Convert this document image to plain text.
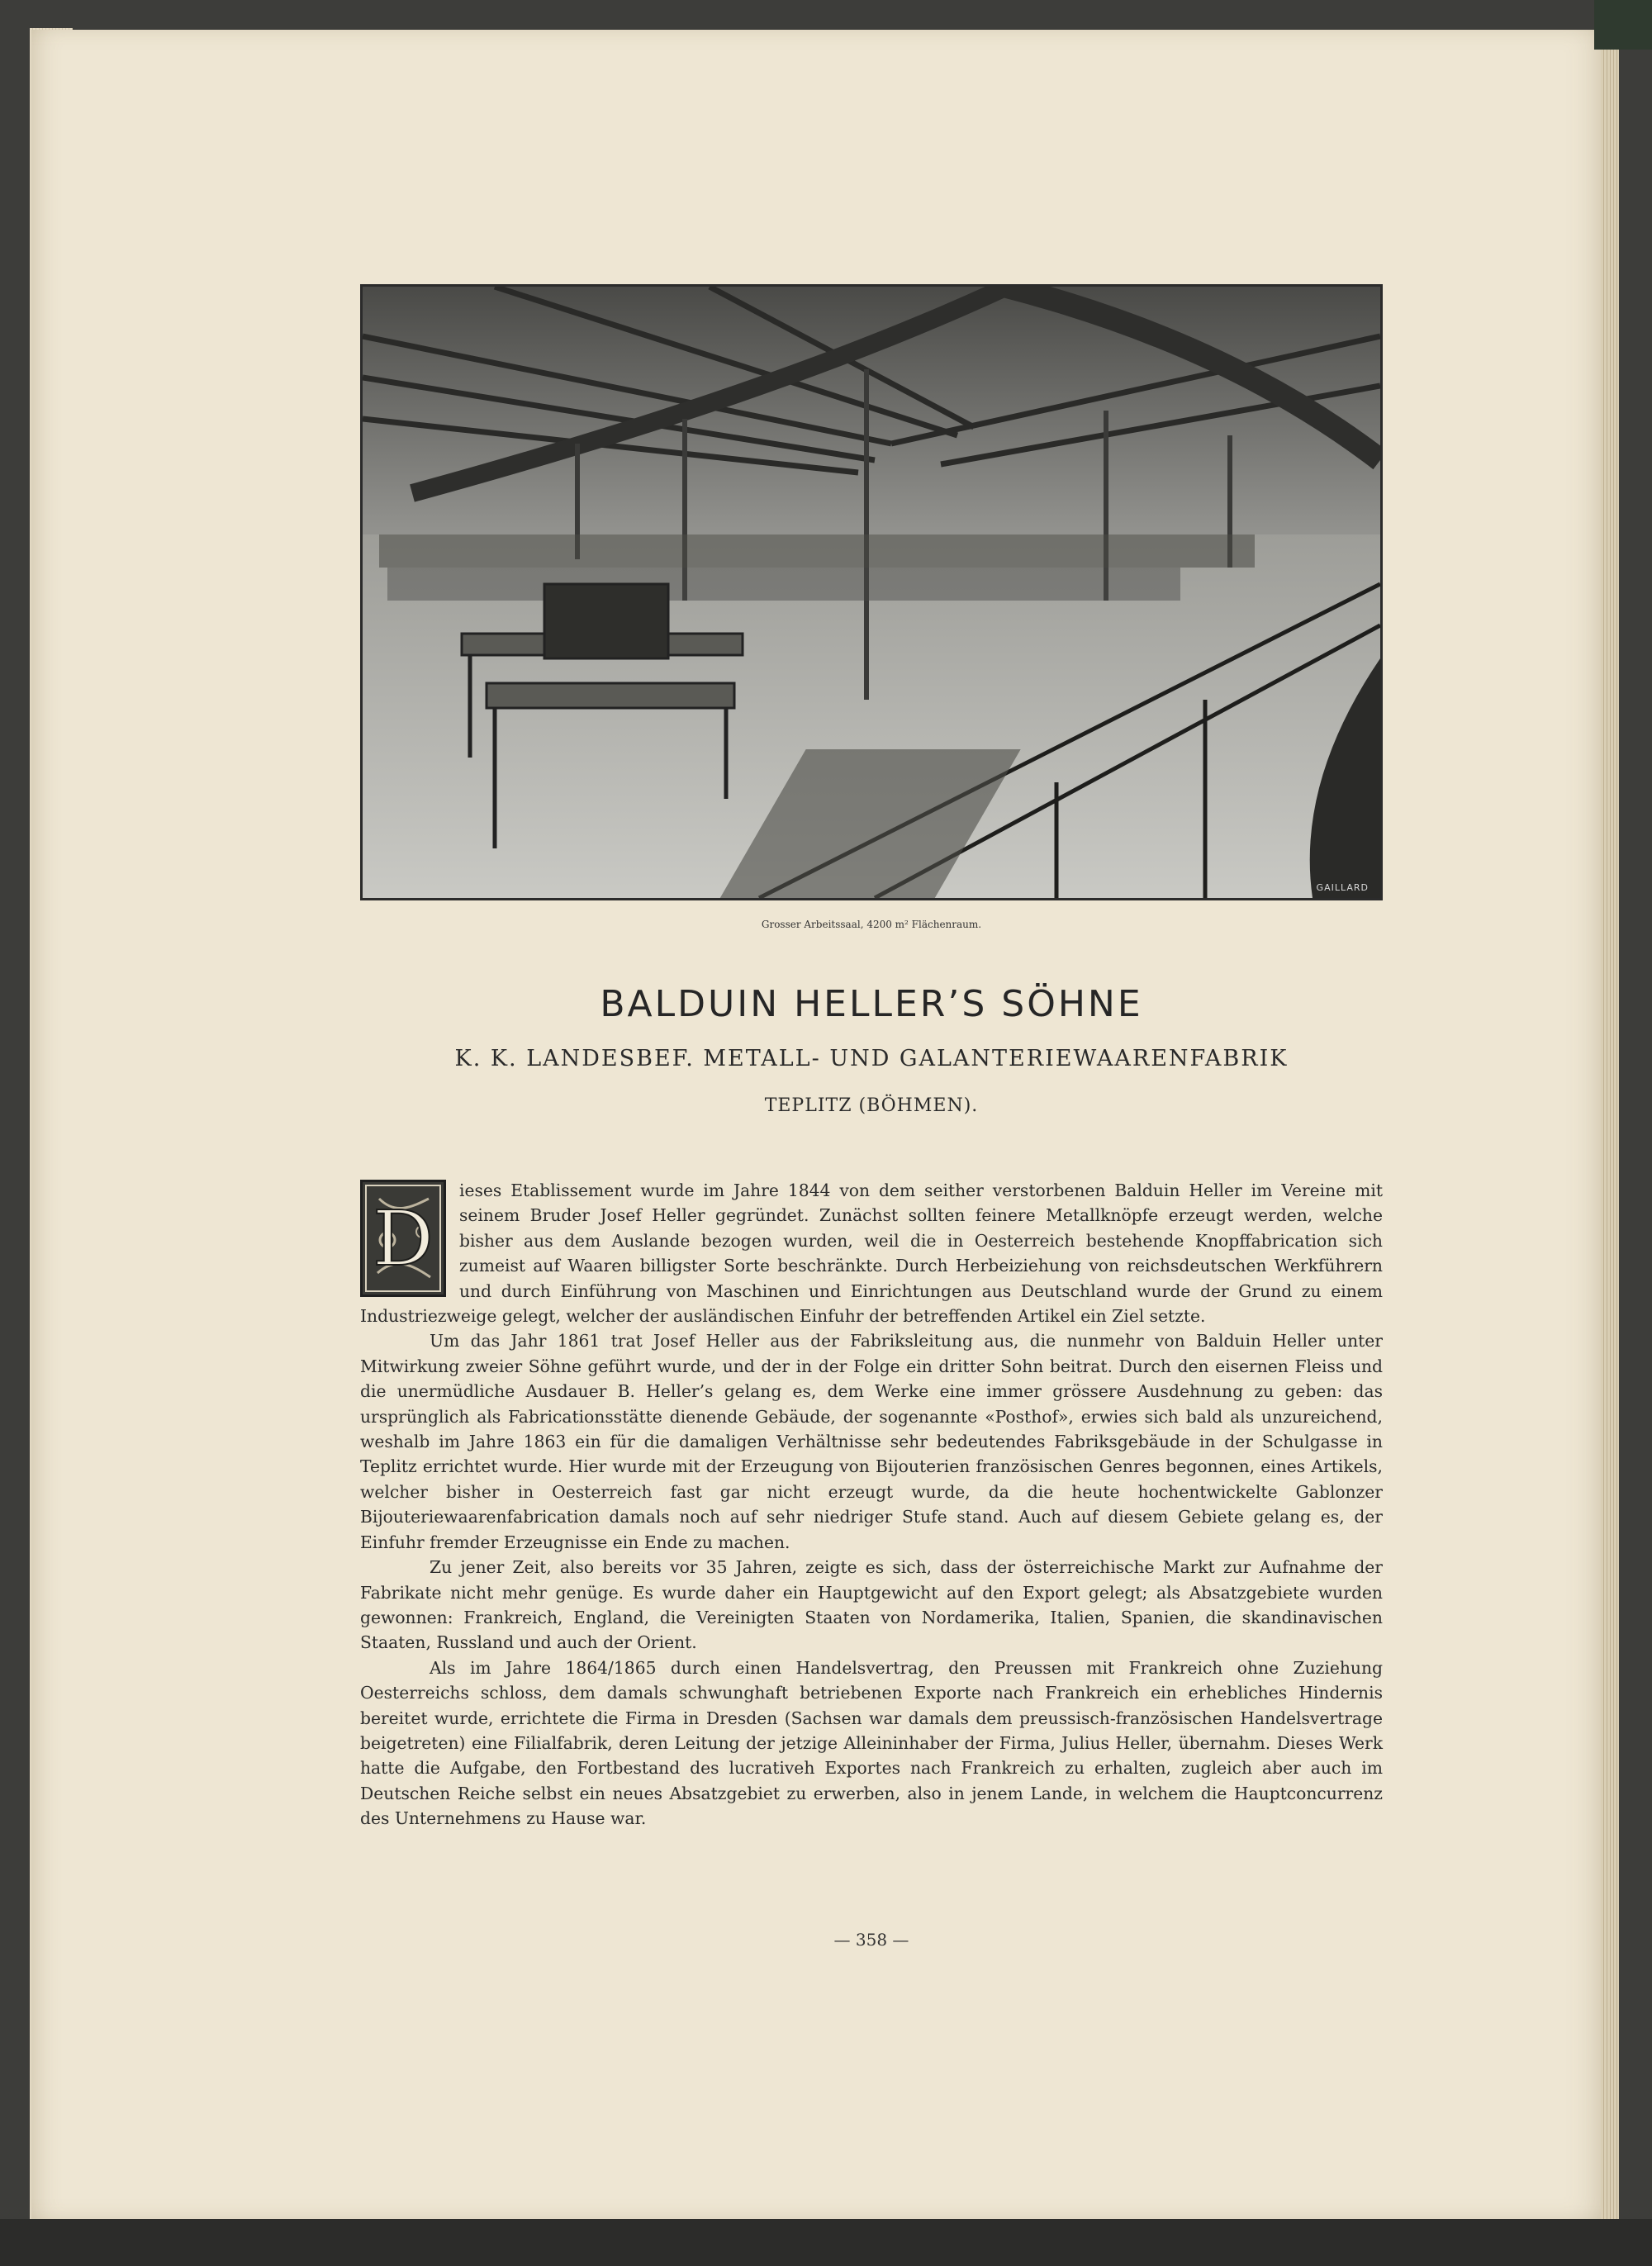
GAILLARD
Grosser Arbeitssaal, 4200 m² Flächenraum.
BALDUIN HELLER’S SÖHNE
K. K. LANDESBEF. METALL- UND GALANTERIEWAARENFABRIK
TEPLITZ (BÖHMEN).

D
ieses Etablissement wurde im Jahre 1844 von dem seither verstorbenen Balduin Heller im Vereine mit seinem Bruder Josef Heller gegründet. Zunächst sollten feinere Metallknöpfe erzeugt werden, welche bisher aus dem Auslande bezogen wurden, weil die in Oesterreich bestehende Knopffabrication sich zumeist auf Waaren billigster Sorte beschränkte. Durch Herbeiziehung von reichsdeutschen Werkführern und durch Einführung von Maschinen und Einrichtungen aus Deutschland wurde der Grund zu einem Industriezweige gelegt, welcher der ausländischen Einfuhr der betreffenden Artikel ein Ziel setzte.

Um das Jahr 1861 trat Josef Heller aus der Fabriksleitung aus, die nunmehr von Balduin Heller unter Mitwirkung zweier Söhne geführt wurde, und der in der Folge ein dritter Sohn beitrat. Durch den eisernen Fleiss und die unermüdliche Ausdauer B. Heller’s gelang es, dem Werke eine immer grössere Ausdehnung zu geben: das ursprünglich als Fabricationsstätte dienende Gebäude, der sogenannte «Posthof», erwies sich bald als unzureichend, weshalb im Jahre 1863 ein für die damaligen Verhältnisse sehr bedeutendes Fabriksgebäude in der Schulgasse in Teplitz errichtet wurde. Hier wurde mit der Erzeugung von Bijouterien französischen Genres begonnen, eines Artikels, welcher bisher in Oesterreich fast gar nicht erzeugt wurde, da die heute hochentwickelte Gablonzer Bijouteriewaarenfabrication damals noch auf sehr niedriger Stufe stand. Auch auf diesem Gebiete gelang es, der Einfuhr fremder Erzeugnisse ein Ende zu machen.

Zu jener Zeit, also bereits vor 35 Jahren, zeigte es sich, dass der österreichische Markt zur Aufnahme der Fabrikate nicht mehr genüge. Es wurde daher ein Hauptgewicht auf den Export gelegt; als Absatzgebiete wurden gewonnen: Frankreich, England, die Vereinigten Staaten von Nordamerika, Italien, Spanien, die skandinavischen Staaten, Russland und auch der Orient.

Als im Jahre 1864/1865 durch einen Handelsvertrag, den Preussen mit Frankreich ohne Zuziehung Oesterreichs schloss, dem damals schwunghaft betriebenen Exporte nach Frankreich ein erhebliches Hindernis bereitet wurde, errichtete die Firma in Dresden (Sachsen war damals dem preussisch-französischen Handelsvertrage beigetreten) eine Filialfabrik, deren Leitung der jetzige Alleininhaber der Firma, Julius Heller, übernahm. Dieses Werk hatte die Aufgabe, den Fortbestand des lucrativeh Exportes nach Frankreich zu erhalten, zugleich aber auch im Deutschen Reiche selbst ein neues Absatzgebiet zu erwerben, also in jenem Lande, in welchem die Hauptconcurrenz des Unternehmens zu Hause war.

— 358 —
